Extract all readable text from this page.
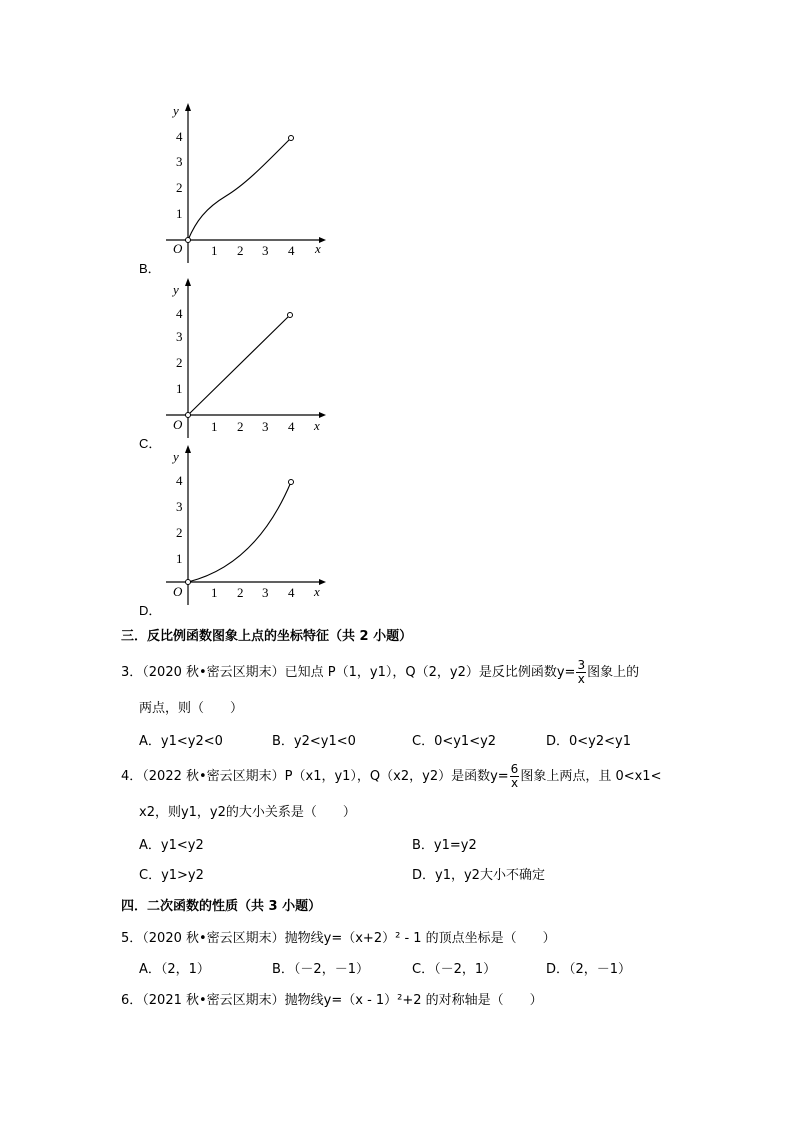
1 2 3 4
1
2
3
4
O	x
y
B．
1 2 3 4
1
2
3
4
O	x
y
C．
1 2 3 4
1
2
3
4
O	x
y
D．
三．反比例函数图象上点的坐标特征（共 2 小题）
3．（2020 秋•密云区期末）已知点 P（1，y1），Q（2，y2）是反比例函数$y= \frac{3}{x}$ 图象上的
两点，则（　　）
A．y1<y2<0	B．y2<y1<0	C．0<y1<y2	D．0<y2<y1
4．（2022 秋•密云区期末）P（x1，y1），Q（x2，y2）是函数$y= \frac{6}{x}$ 图象上两点，且 0<x1<
x2，则y1，y2的大小关系是（　　）
A．y1<y2	B．y1=y2
C．y1>y2	D．y1，y2大小不确定
四．二次函数的性质（共 3 小题）
5．（2020 秋•密云区期末）抛物线y=（x+2）² - 1 的顶点坐标是（　　）
A．（2，1）	B．（－2，－1）	C．（－2，1）	D．（2，－1）
6．（2021 秋•密云区期末）抛物线y=（x - 1）²+2 的对称轴是（　　）
